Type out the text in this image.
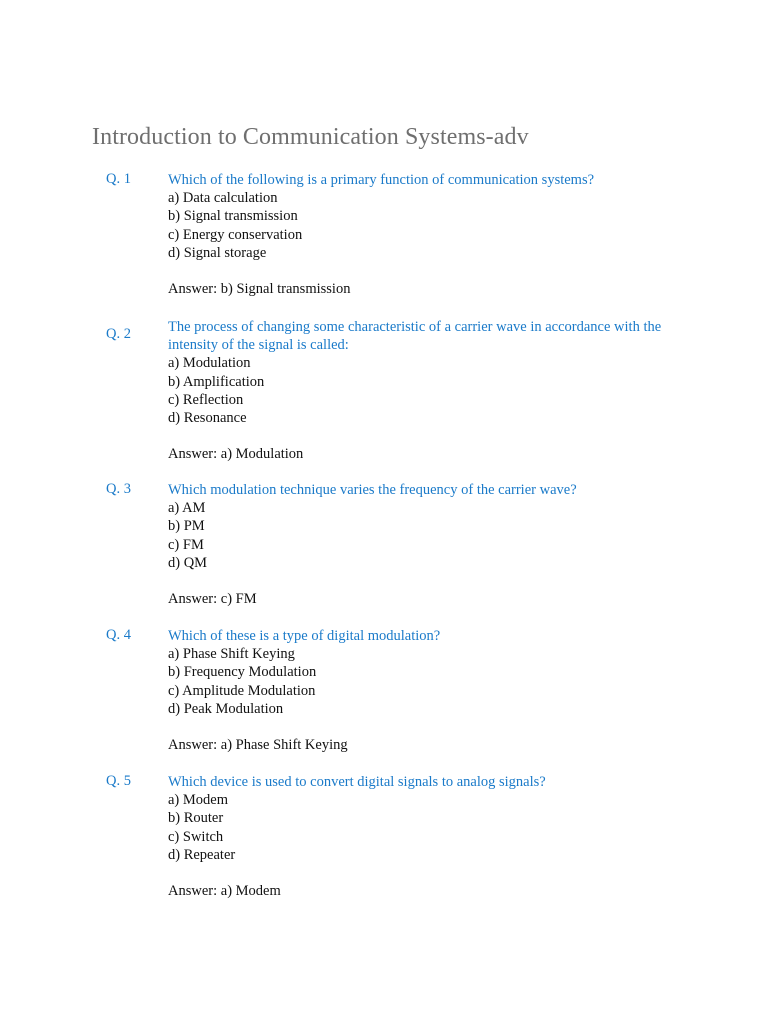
Introduction to Communication Systems-adv
Q. 1	Which of the following is a primary function of communication systems?

a) Data calculation

b) Signal transmission

c) Energy conservation

d) Signal storage

Answer: b) Signal transmission

Q. 2	The process of changing some characteristic of a carrier wave in accordance with the intensity of the signal is called:

a) Modulation

b) Amplification

c) Reflection

d) Resonance

Answer: a) Modulation

Q. 3	Which modulation technique varies the frequency of the carrier wave?

a) AM

b) PM

c) FM

d) QM

Answer: c) FM

Q. 4	Which of these is a type of digital modulation?

a) Phase Shift Keying

b) Frequency Modulation

c) Amplitude Modulation

d) Peak Modulation

Answer: a) Phase Shift Keying

Q. 5	Which device is used to convert digital signals to analog signals?

a) Modem

b) Router

c) Switch

d) Repeater

Answer: a) Modem
